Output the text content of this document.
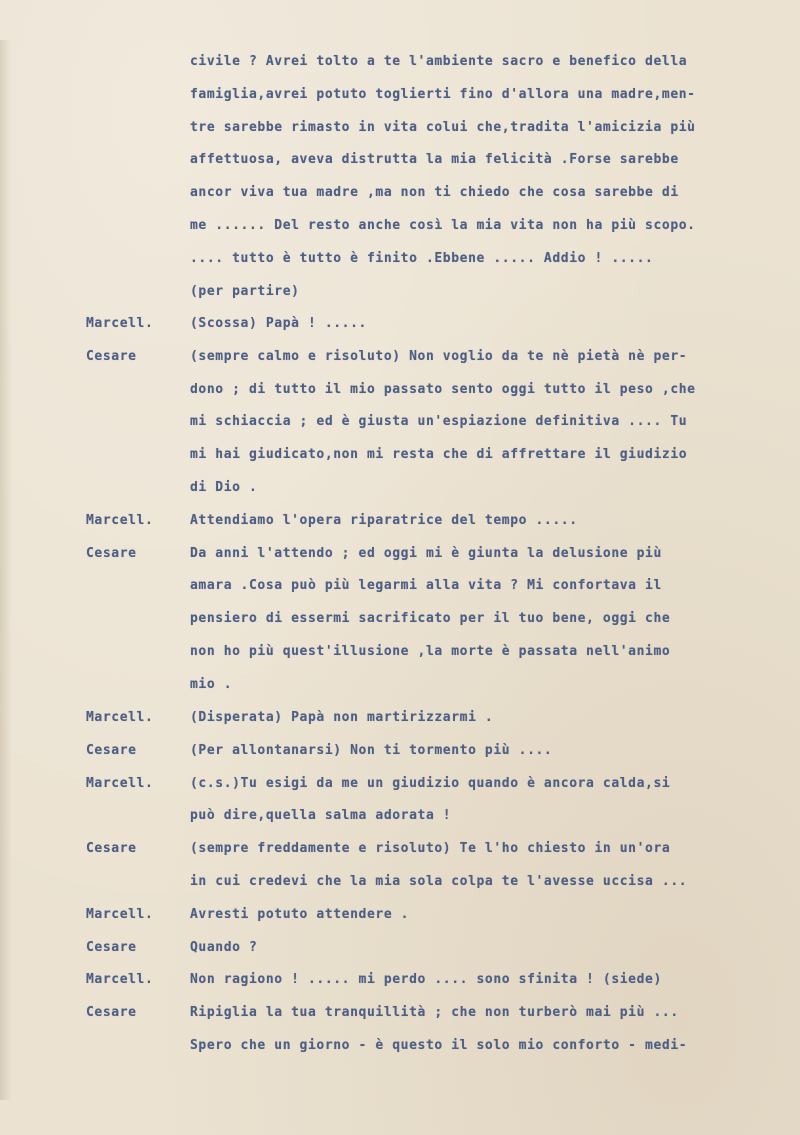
civile ? Avrei tolto a te l'ambiente sacro e benefico della
famiglia,avrei potuto toglierti fino d'allora una madre,men-
tre sarebbe rimasto in vita colui che,tradita l'amicizia più
affettuosa, aveva distrutta la mia felicità .Forse sarebbe
ancor viva tua madre ,ma non ti chiedo che cosa sarebbe di
me ...... Del resto anche così la mia vita non ha più scopo.
.... tutto è tutto è finito .Ebbene ..... Addio ! .....
(per partire)
Marcell.	(Scossa) Papà ! .....
Cesare	(sempre calmo e risoluto) Non voglio da te nè pietà nè per-
dono ; di tutto il mio passato sento oggi tutto il peso ,che
mi schiaccia ; ed è giusta un'espiazione definitiva .... Tu
mi hai giudicato,non mi resta che di affrettare il giudizio
di Dio .
Marcell.	Attendiamo l'opera riparatrice del tempo .....
Cesare	Da anni l'attendo ; ed oggi mi è giunta la delusione più
amara .Cosa può più legarmi alla vita ? Mi confortava il
pensiero di essermi sacrificato per il tuo bene, oggi che
non ho più quest'illusione ,la morte è passata nell'animo
mio .
Marcell.	(Disperata) Papà non martirizzarmi .
Cesare	(Per allontanarsi) Non ti tormento più ....
Marcell.	(c.s.)Tu esigi da me un giudizio quando è ancora calda,si
può dire,quella salma adorata !
Cesare	(sempre freddamente e risoluto) Te l'ho chiesto in un'ora
in cui credevi che la mia sola colpa te l'avesse uccisa ...
Marcell.	Avresti potuto attendere .
Cesare	Quando ?
Marcell.	Non ragiono ! ..... mi perdo .... sono sfinita ! (siede)
Cesare	Ripiglia la tua tranquillità ; che non turberò mai più ...
Spero che un giorno - è questo il solo mio conforto - medi-
